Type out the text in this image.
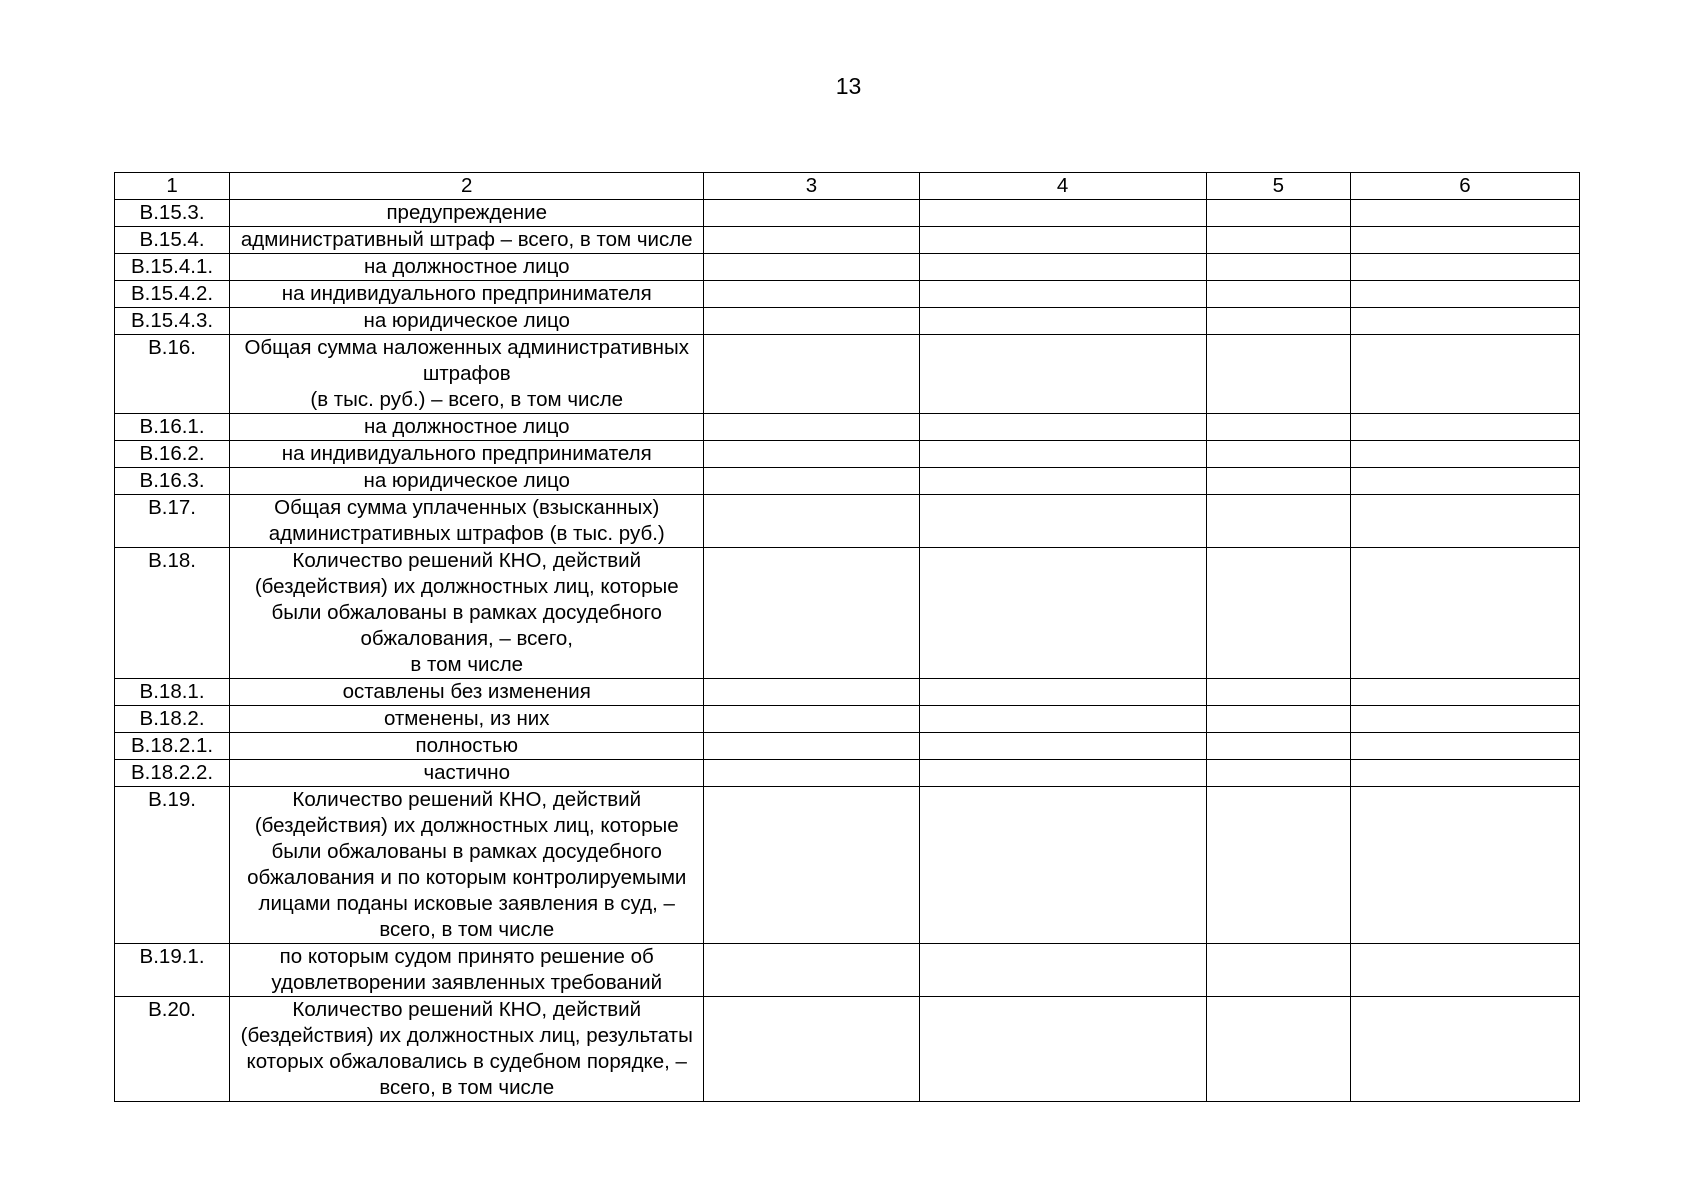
13
1	2	3	4	5	6
В.15.3.	предупреждение				
В.15.4.	административный штраф – всего, в том числе				
В.15.4.1.	на должностное лицо				
В.15.4.2.	на индивидуального предпринимателя				
В.15.4.3.	на юридическое лицо				
В.16.	Общая сумма наложенных административных штрафов
(в тыс. руб.) – всего, в том числе				
В.16.1.	на должностное лицо				
В.16.2.	на индивидуального предпринимателя				
В.16.3.	на юридическое лицо				
В.17.	Общая сумма уплаченных (взысканных) административных штрафов (в тыс. руб.)				
В.18.	Количество решений КНО, действий (бездействия) их должностных лиц, которые были обжалованы в рамках досудебного обжалования, – всего,
в том числе				
В.18.1.	оставлены без изменения				
В.18.2.	отменены, из них				
В.18.2.1.	полностью				
В.18.2.2.	частично				
В.19.	Количество решений КНО, действий (бездействия) их должностных лиц, которые были обжалованы в рамках досудебного обжалования и по которым контролируемыми лицами поданы исковые заявления в суд, – всего, в том числе				
В.19.1.	по которым судом принято решение об удовлетворении заявленных требований				
В.20.	Количество решений КНО, действий (бездействия) их должностных лиц, результаты которых обжаловались в судебном порядке, – всего, в том числе				
